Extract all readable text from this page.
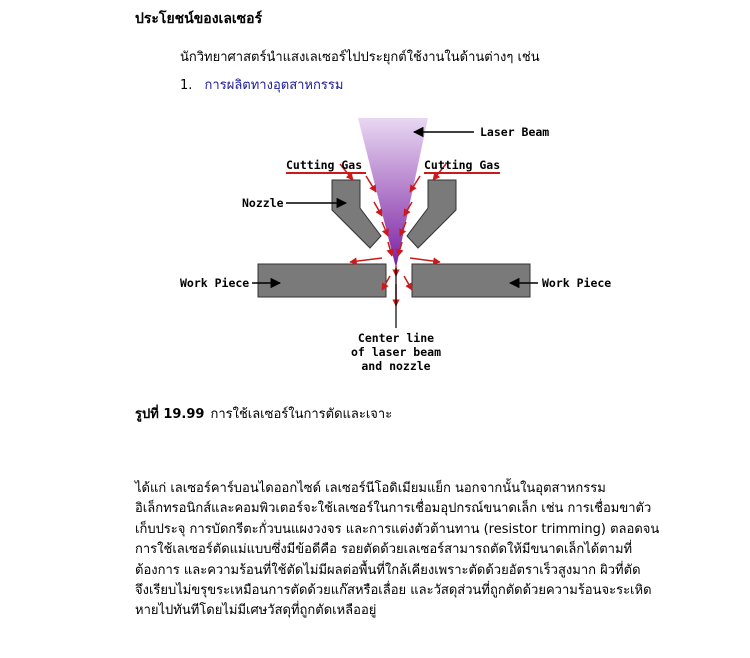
ประโยชน์ของเลเซอร์
นักวิทยาศาสตร์นำแสงเลเซอร์ไปประยุกต์ใช้งานในด้านต่างๆ เช่น
1. การผลิตทางอุตสาหกรรม
Laser Beam
Cutting Gas	Cutting Gas
Nozzle
Work Piece	Work Piece
Center line
of laser beam
and nozzle
รูปที่ 19.99 การใช้เลเซอร์ในการตัดและเจาะ

ได้แก่ เลเซอร์คาร์บอนไดออกไซด์ เลเซอร์นีโอดิเมียมแย็ก นอกจากนั้นในอุตสาหกรรม

อิเล็กทรอนิกส์และคอมพิวเตอร์จะใช้เลเซอร์ในการเชื่อมอุปกรณ์ขนาดเล็ก เช่น การเชื่อมขาตัว

เก็บประจุ การบัดกรีตะกั่วบนแผงวงจร และการแต่งตัวต้านทาน (resistor trimming) ตลอดจน

การใช้เลเซอร์ตัดแม่แบบซึ่งมีข้อดีคือ รอยตัดด้วยเลเซอร์สามารถตัดให้มีขนาดเล็กได้ตามที่

ต้องการ และความร้อนที่ใช้ตัดไม่มีผลต่อพื้นที่ใกล้เคียงเพราะตัดด้วยอัตราเร็วสูงมาก ผิวที่ตัด

จึงเรียบไม่ขรุขระเหมือนการตัดด้วยแก๊สหรือเลื่อย และวัสดุส่วนที่ถูกตัดด้วยความร้อนจะระเหิด

หายไปทันทีโดยไม่มีเศษวัสดุที่ถูกตัดเหลืออยู่
